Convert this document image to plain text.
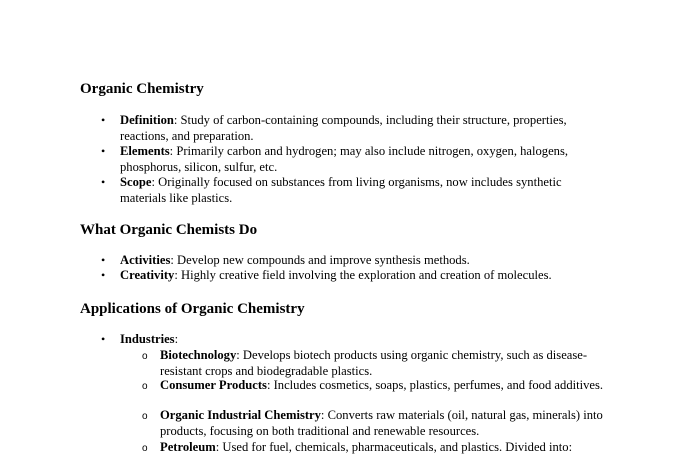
Organic Chemistry
• Definition: Study of carbon-containing compounds, including their structure, properties, reactions, and preparation.
• Elements: Primarily carbon and hydrogen; may also include nitrogen, oxygen, halogens, phosphorus, silicon, sulfur, etc.
• Scope: Originally focused on substances from living organisms, now includes synthetic materials like plastics.
What Organic Chemists Do
• Activities: Develop new compounds and improve synthesis methods.
• Creativity: Highly creative field involving the exploration and creation of molecules.
Applications of Organic Chemistry
• Industries:
o Biotechnology: Develops biotech products using organic chemistry, such as disease-resistant crops and biodegradable plastics.
o Consumer Products: Includes cosmetics, soaps, plastics, perfumes, and food additives.
o Organic Industrial Chemistry: Converts raw materials (oil, natural gas, minerals) into products, focusing on both traditional and renewable resources.
o Petroleum: Used for fuel, chemicals, pharmaceuticals, and plastics. Divided into:
